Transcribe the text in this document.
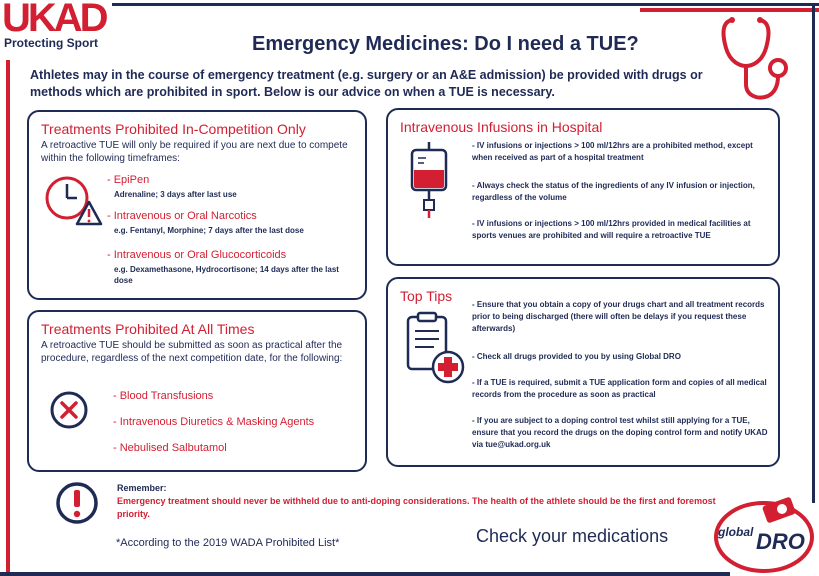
UKAD
Protecting Sport	Emergency Medicines: Do I need a TUE?
Athletes may in the course of emergency treatment (e.g. surgery or an A&E admission) be provided with drugs or methods which are prohibited in sport. Below is our advice on when a TUE is necessary.
Treatments Prohibited In-Competition Only
A retroactive TUE will only be required if you are next due to compete within the following timeframes:
- EpiPen
Adrenaline; 3 days after last use
- Intravenous or Oral Narcotics
e.g. Fentanyl, Morphine; 7 days after the last dose
- Intravenous or Oral Glucocorticoids
e.g. Dexamethasone, Hydrocortisone; 14 days after the last dose
Treatments Prohibited At All Times
A retroactive TUE should be submitted as soon as practical after the procedure, regardless of the next competition date, for the following:
- Blood Transfusions
- Intravenous Diuretics & Masking Agents
- Nebulised Salbutamol
Intravenous Infusions in Hospital
- IV infusions or injections > 100 ml/12hrs are a prohibited method, except when received as part of a hospital treatment
- Always check the status of the ingredients of any IV infusion or injection, regardless of the volume
- IV infusions or injections > 100 ml/12hrs provided in medical facilities at sports venues are prohibited and will require a retroactive TUE
Top Tips
- Ensure that you obtain a copy of your drugs chart and all treatment records prior to being discharged (there will often be delays if you request these afterwards)
- Check all drugs provided to you by using Global DRO
- If a TUE is required, submit a TUE application form and copies of all medical records from the procedure as soon as practical
- If you are subject to a doping control test whilst still applying for a TUE, ensure that you record the drugs on the doping control form and notify UKAD via tue@ukad.org.uk
Remember:
Emergency treatment should never be withheld due to anti-doping considerations. The health of the athlete should be the first and foremost priority.
*According to the 2019 WADA Prohibited List*	Check your medications	global DRO
